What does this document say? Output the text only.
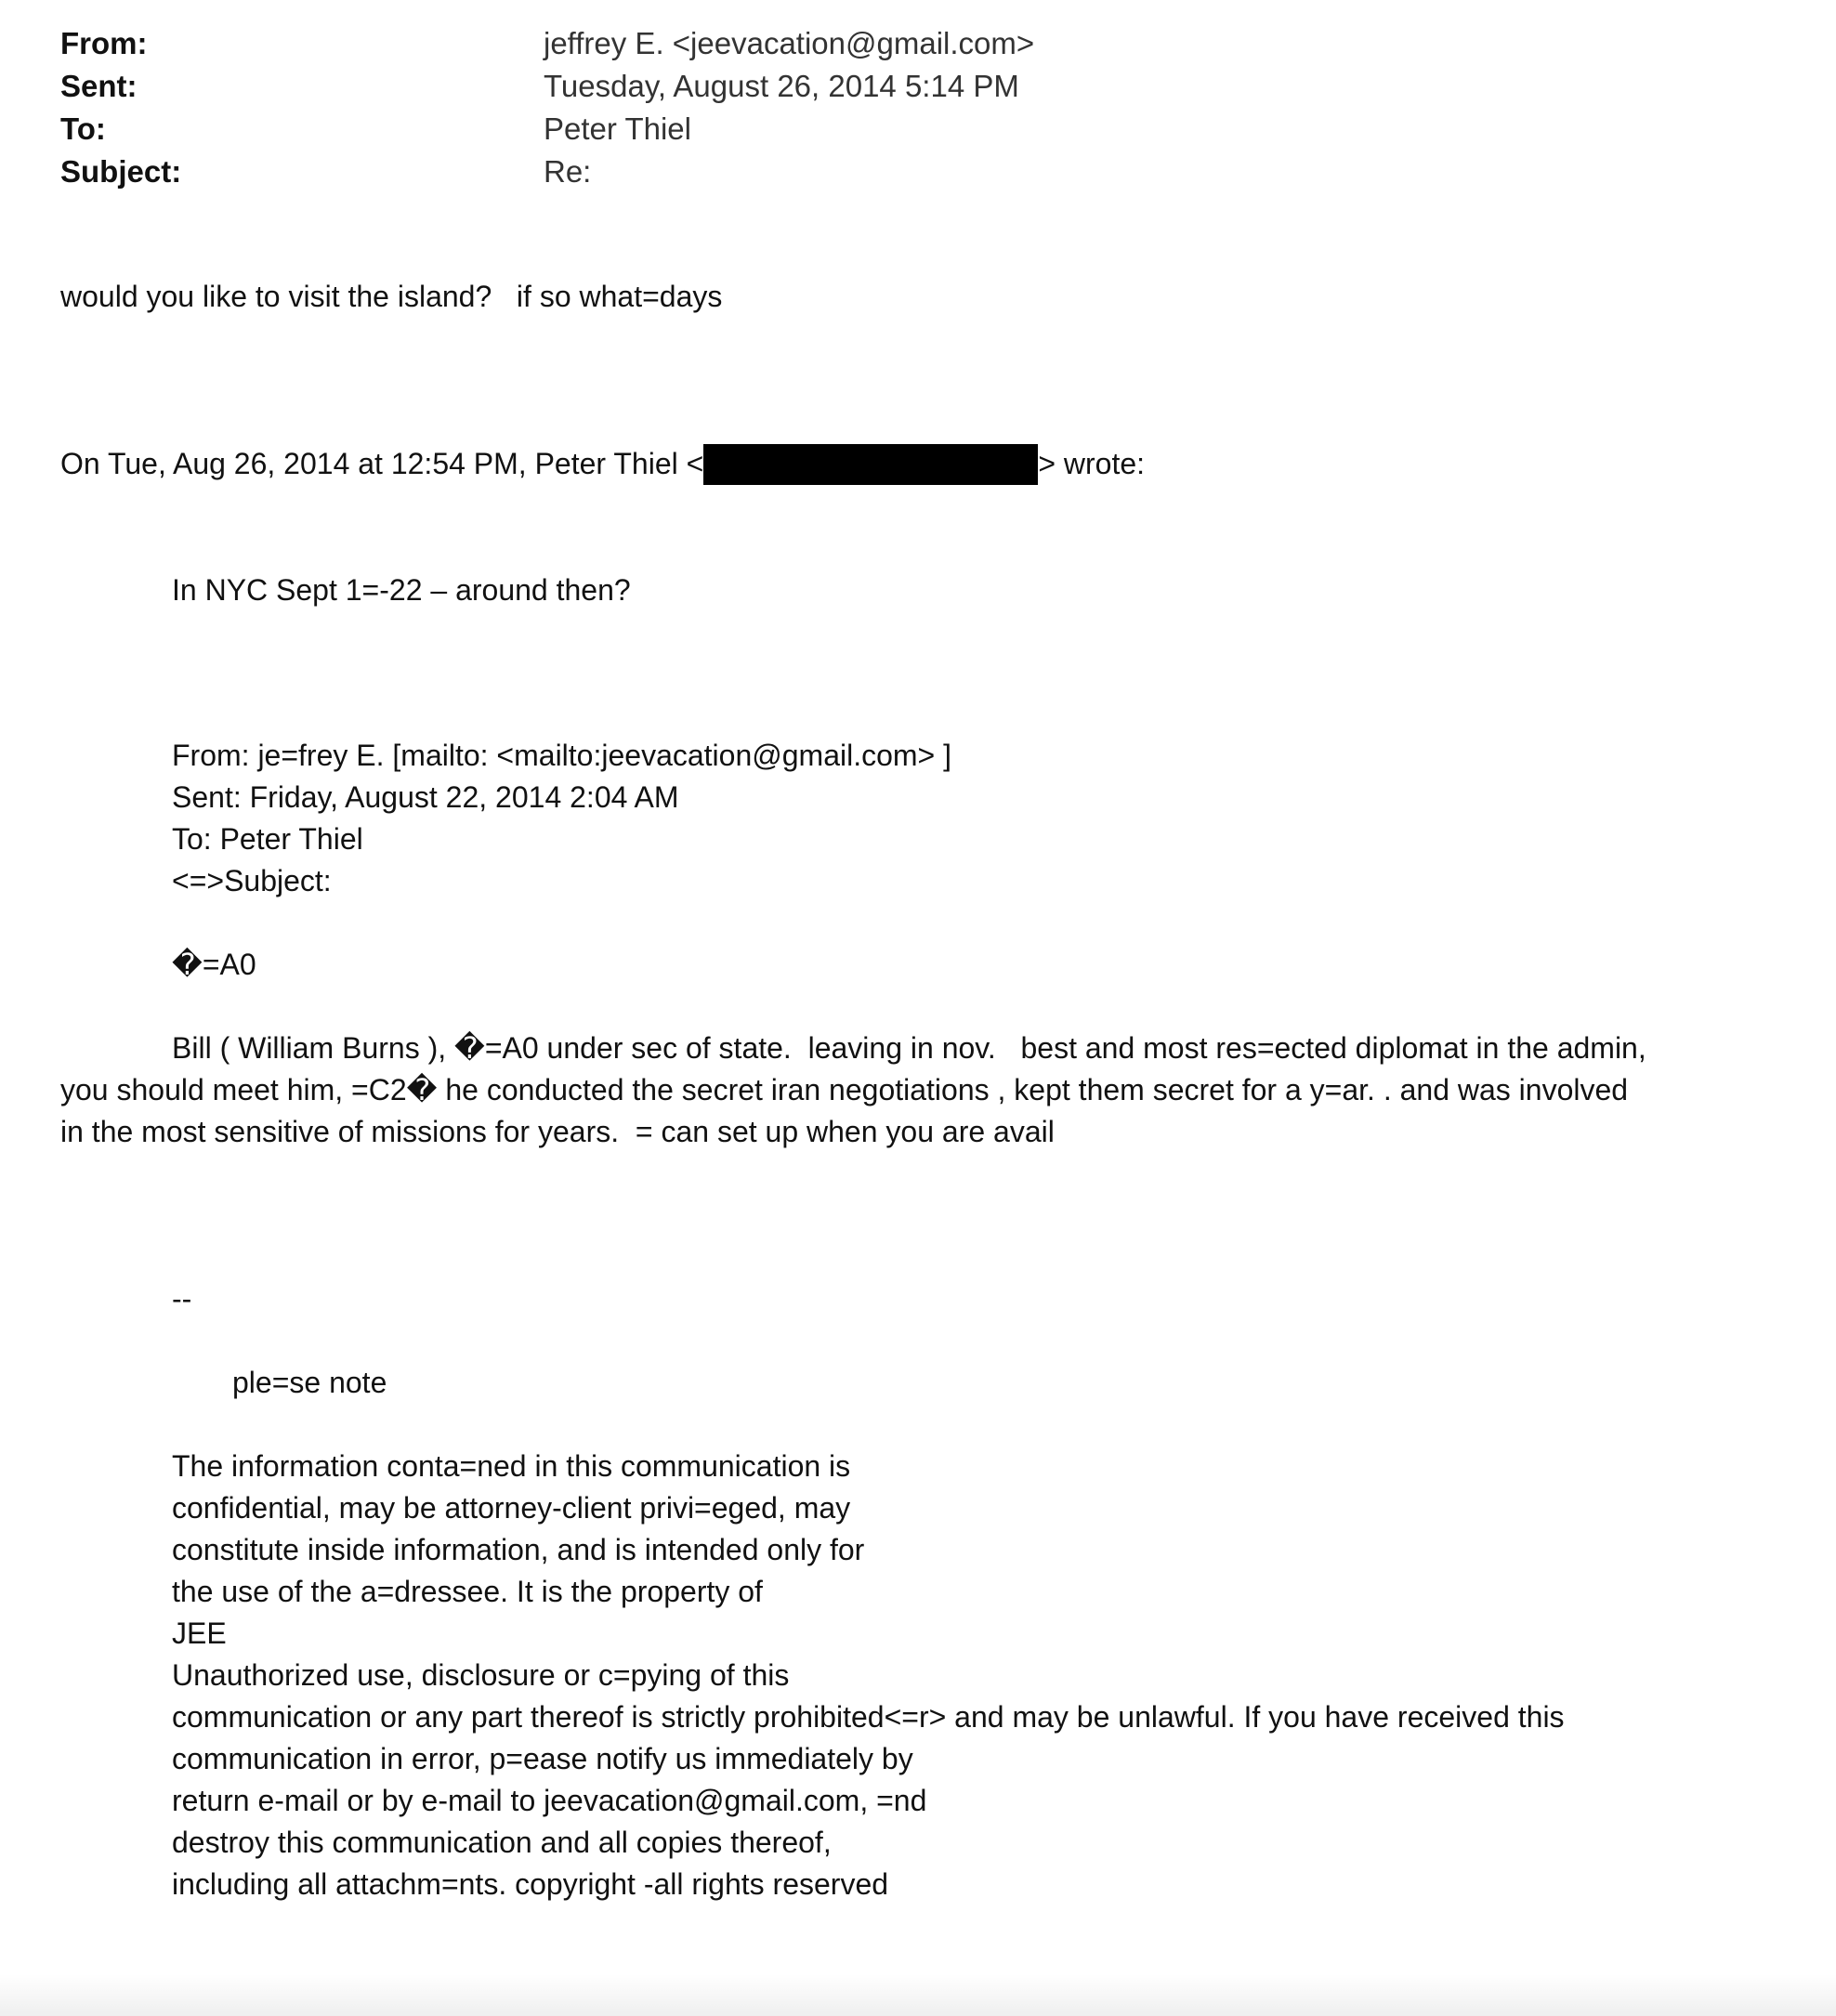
From:	jeffrey E. <jeevacation@gmail.com>
Sent:	Tuesday, August 26, 2014 5:14 PM
To:	Peter Thiel
Subject:	Re:
would you like to visit the island?   if so what=days
On Tue, Aug 26, 2014 at 12:54 PM, Peter Thiel <	> wrote:
In NYC Sept 1=-22 – around then?
From: je=frey E. [mailto: <mailto:jeevacation@gmail.com> ]
Sent: Friday, August 22, 2014 2:04 AM
To: Peter Thiel
<=>Subject:
�=A0
Bill ( William Burns ), �=A0 under sec of state.  leaving in nov.   best and most res=ected diplomat in the admin,
you should meet him, =C2� he conducted the secret iran negotiations , kept them secret for a y=ar. . and was involved
in the most sensitive of missions for years.  = can set up when you are avail
--
ple=se note
The information conta=ned in this communication is
confidential, may be attorney-client privi=eged, may
constitute inside information, and is intended only for
the use of the a=dressee. It is the property of
JEE
Unauthorized use, disclosure or c=pying of this
communication or any part thereof is strictly prohibited<=r> and may be unlawful. If you have received this
communication in error, p=ease notify us immediately by
return e-mail or by e-mail to jeevacation@gmail.com, =nd
destroy this communication and all copies thereof,
including all attachm=nts. copyright -all rights reserved
